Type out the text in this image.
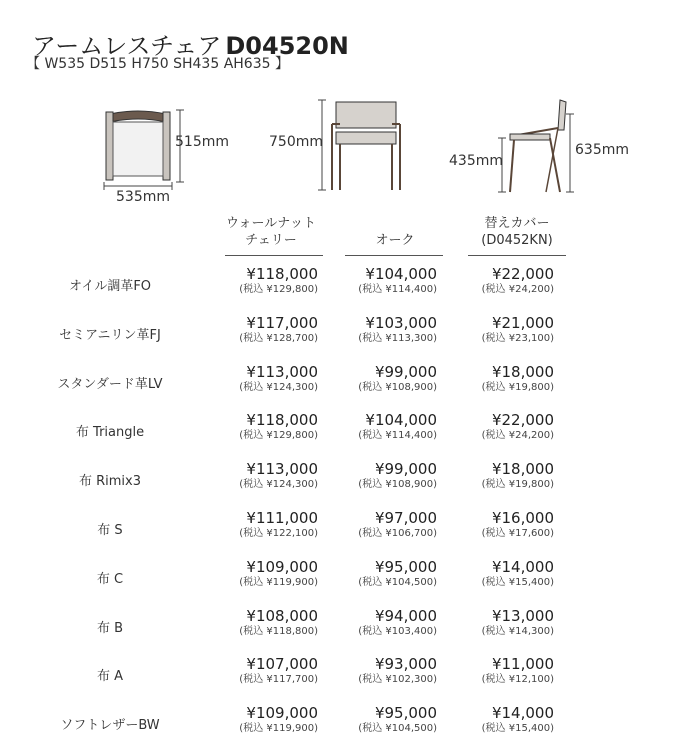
アームレスチェア D04520N
【 W535 D515 H750 SH435 AH635 】
515mm
535mm
750mm
435mm
635mm
ウォールナット
チェリー	オーク
替えカバー
(D0452KN)
オイル調革FO
¥118,000
(税込 ¥129,800)
¥104,000
(税込 ¥114,400)
¥22,000
(税込 ¥24,200)
セミアニリン革FJ
¥117,000
(税込 ¥128,700)
¥103,000
(税込 ¥113,300)
¥21,000
(税込 ¥23,100)
スタンダード革LV
¥113,000
(税込 ¥124,300)
¥99,000
(税込 ¥108,900)
¥18,000
(税込 ¥19,800)
布 Triangle
¥118,000
(税込 ¥129,800)
¥104,000
(税込 ¥114,400)
¥22,000
(税込 ¥24,200)
布 Rimix3
¥113,000
(税込 ¥124,300)
¥99,000
(税込 ¥108,900)
¥18,000
(税込 ¥19,800)
布 S
¥111,000
(税込 ¥122,100)
¥97,000
(税込 ¥106,700)
¥16,000
(税込 ¥17,600)
布 C
¥109,000
(税込 ¥119,900)
¥95,000
(税込 ¥104,500)
¥14,000
(税込 ¥15,400)
布 B
¥108,000
(税込 ¥118,800)
¥94,000
(税込 ¥103,400)
¥13,000
(税込 ¥14,300)
布 A
¥107,000
(税込 ¥117,700)
¥93,000
(税込 ¥102,300)
¥11,000
(税込 ¥12,100)
ソフトレザーBW
¥109,000
(税込 ¥119,900)
¥95,000
(税込 ¥104,500)
¥14,000
(税込 ¥15,400)
